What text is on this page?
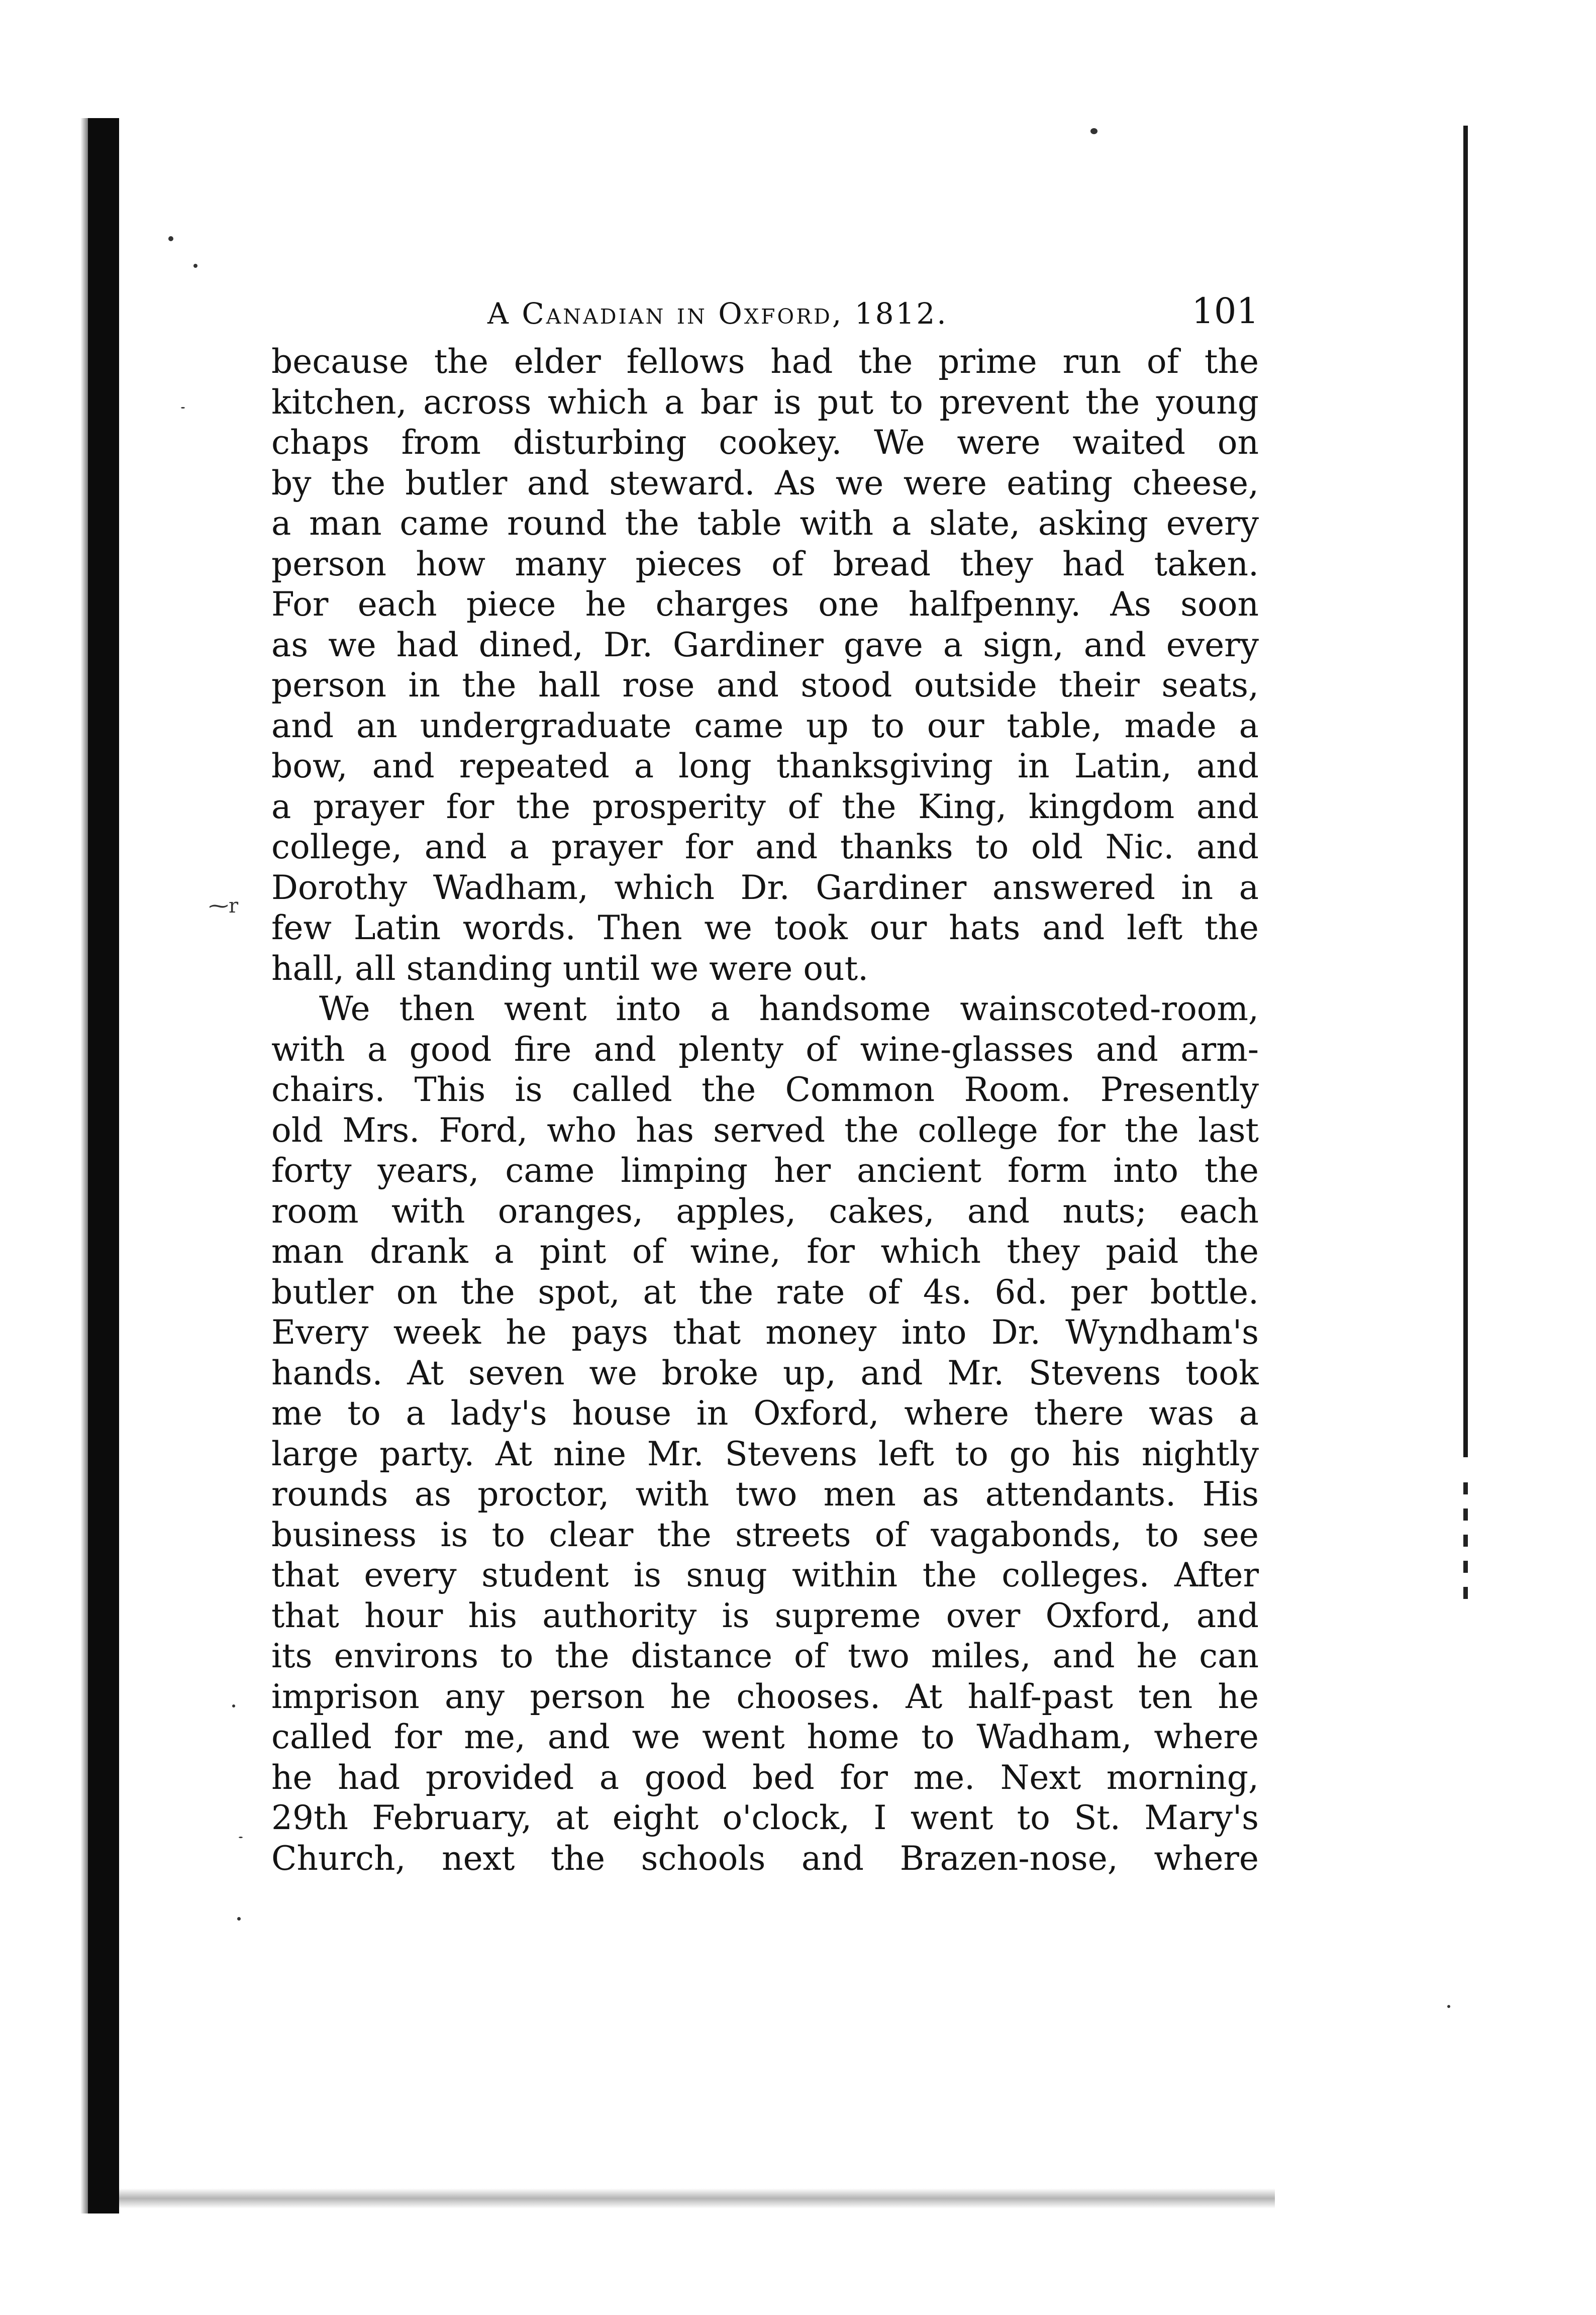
⁓r
A Canadian in Oxford, 1812.	101
because the elder fellows had the prime run of the
kitchen, across which a bar is put to prevent the young
chaps from disturbing cookey. We were waited on
by the butler and steward. As we were eating cheese,
a man came round the table with a slate, asking every
person how many pieces of bread they had taken.
For each piece he charges one halfpenny. As soon
as we had dined, Dr. Gardiner gave a sign, and every
person in the hall rose and stood outside their seats,
and an undergraduate came up to our table, made a
bow, and repeated a long thanksgiving in Latin, and
a prayer for the prosperity of the King, kingdom and
college, and a prayer for and thanks to old Nic. and
Dorothy Wadham, which Dr. Gardiner answered in a
few Latin words. Then we took our hats and left the
hall, all standing until we were out.
We then went into a handsome wainscoted-room,
with a good fire and plenty of wine-glasses and arm-
chairs. This is called the Common Room. Presently
old Mrs. Ford, who has served the college for the last
forty years, came limping her ancient form into the
room with oranges, apples, cakes, and nuts; each
man drank a pint of wine, for which they paid the
butler on the spot, at the rate of 4s. 6d. per bottle.
Every week he pays that money into Dr. Wyndham's
hands. At seven we broke up, and Mr. Stevens took
me to a lady's house in Oxford, where there was a
large party. At nine Mr. Stevens left to go his nightly
rounds as proctor, with two men as attendants. His
business is to clear the streets of vagabonds, to see
that every student is snug within the colleges. After
that hour his authority is supreme over Oxford, and
its environs to the distance of two miles, and he can
imprison any person he chooses. At half-past ten he
called for me, and we went home to Wadham, where
he had provided a good bed for me. Next morning,
29th February, at eight o'clock, I went to St. Mary's
Church, next the schools and Brazen-nose, where
